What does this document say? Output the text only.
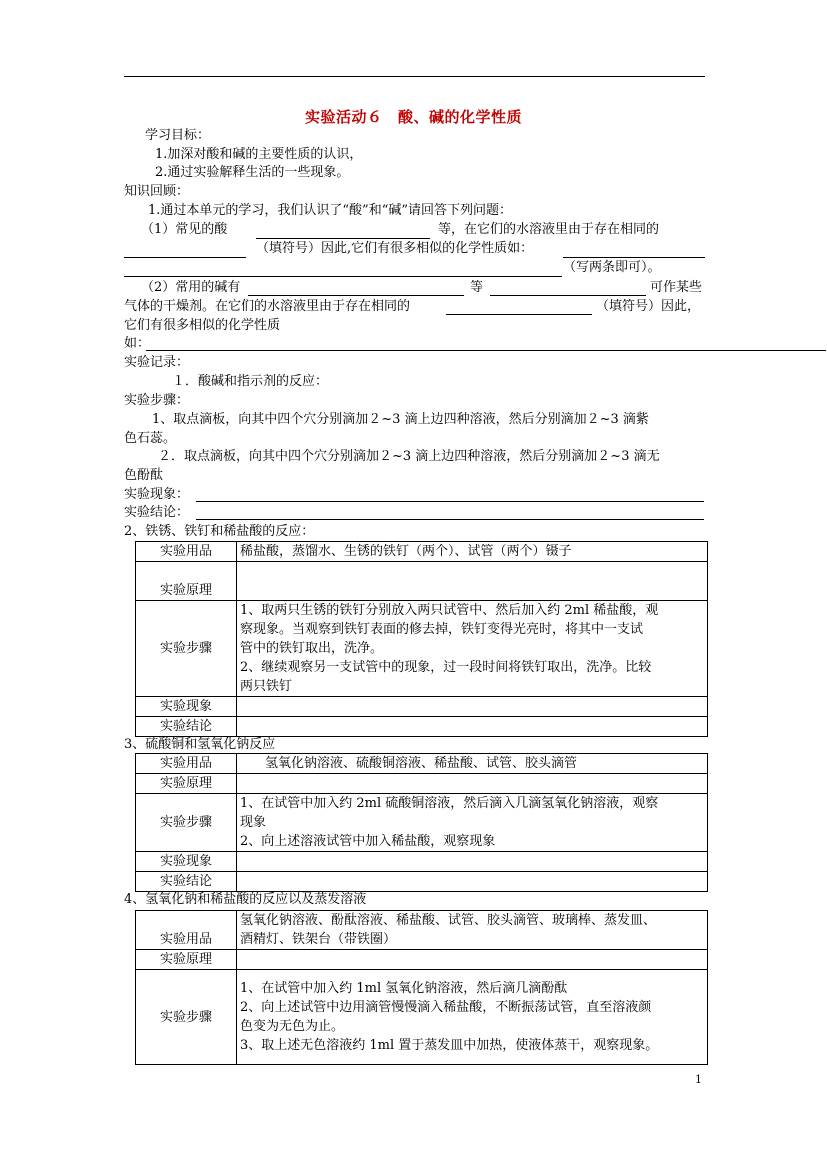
实验活动６　酸、碱的化学性质
学习目标：
1.加深对酸和碱的主要性质的认识，
2.通过实验解释生活的一些现象。
知识回顾：
1.通过本单元的学习，我们认识了“酸”和“碱”请回答下列问题：
（1）常见的酸	等，在它们的水溶液里由于存在相同的
（填符号）因此,它们有很多相似的化学性质如：
（写两条即可）。
（2）常用的碱有	等	可作某些
气体的干燥剂。在它们的水溶液里由于存在相同的	（填符号）因此，
它们有很多相似的化学性质
如：
实验记录：
１．酸碱和指示剂的反应：
实验步骤：
1、取点滴板，向其中四个穴分别滴加２~3 滴上边四种溶液，然后分别滴加２~3 滴紫
色石蕊。
２．取点滴板，向其中四个穴分别滴加２~3 滴上边四种溶液，然后分别滴加２~3 滴无
色酚酞
实验现象：
实验结论：
2、铁锈、铁钉和稀盐酸的反应：
实验用品	稀盐酸，蒸馏水、生锈的铁钉（两个）、试管（两个）镊子
实验原理	
实验步骤	1、取两只生锈的铁钉分别放入两只试管中、然后加入约 2ml 稀盐酸，观
察现象。当观察到铁钉表面的修去掉，铁钉变得光亮时，将其中一支试
管中的铁钉取出，洗净。
2、继续观察另一支试管中的现象，过一段时间将铁钉取出，洗净。比较
两只铁钉

实验现象	
实验结论	
3、硫酸铜和氢氧化钠反应
实验用品	氢氧化钠溶液、硫酸铜溶液、稀盐酸、试管、胶头滴管
实验原理	
实验步骤	1、在试管中加入约 2ml 硫酸铜溶液，然后滴入几滴氢氧化钠溶液，观察
现象
2、向上述溶液试管中加入稀盐酸，观察现象

实验现象	
实验结论	
4、氢氧化钠和稀盐酸的反应以及蒸发溶液
实验用品	氢氧化钠溶液、酚酞溶液、稀盐酸、试管、胶头滴管、玻璃棒、蒸发皿、
酒精灯、铁架台（带铁圈）

实验原理	
实验步骤	1、在试管中加入约 1ml 氢氧化钠溶液，然后滴几滴酚酞
2、向上述试管中边用滴管慢慢滴入稀盐酸，不断振荡试管，直至溶液颜
色变为无色为止。
3、取上述无色溶液约 1ml 置于蒸发皿中加热，使液体蒸干，观察现象。
1
